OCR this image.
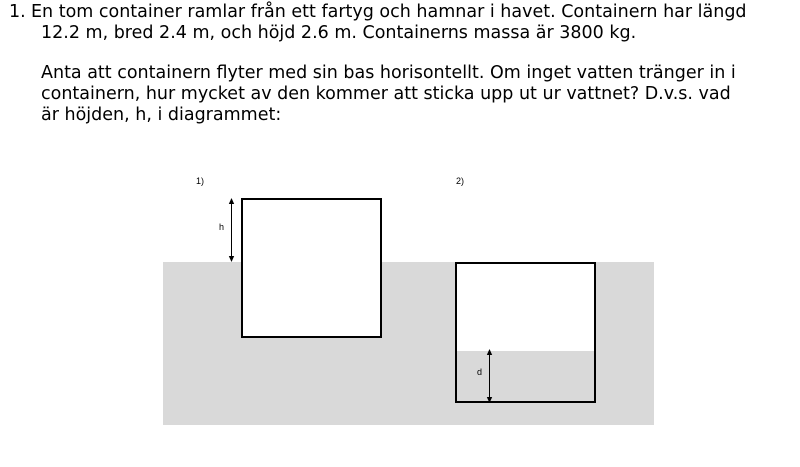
1. En tom container ramlar från ett fartyg och hamnar i havet. Containern har längd
12.2 m, bred 2.4 m, och höjd 2.6 m. Containerns massa är 3800 kg.
Anta att containern flyter med sin bas horisontellt. Om inget vatten tränger in i
containern, hur mycket av den kommer att sticka upp ut ur vattnet? D.v.s. vad
är höjden, h, i diagrammet:
1)	2)
h
d
